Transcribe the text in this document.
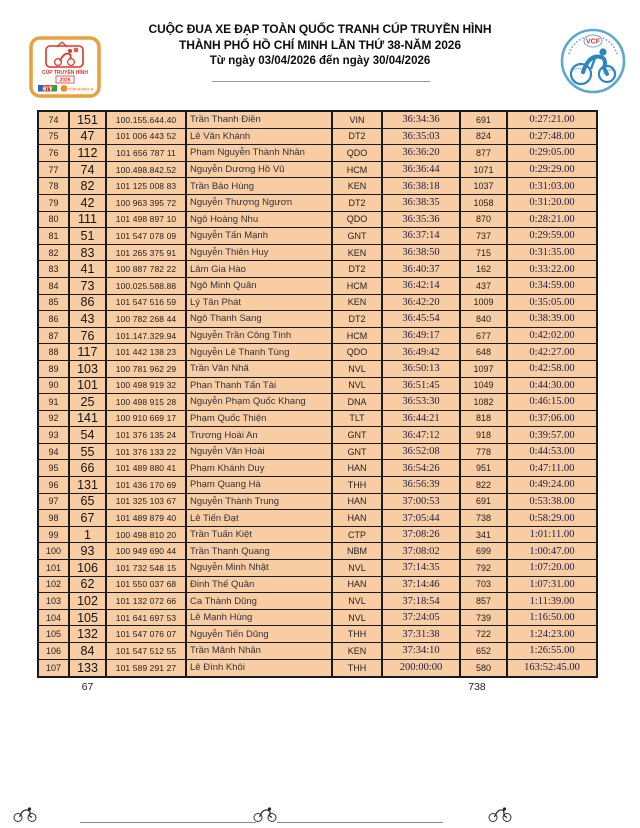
CÚP TRUYỀN HÌNH
2026
HTV	TÔN ĐÔNG Á
CUỘC ĐUA XE ĐẠP TOÀN QUỐC TRANH CÚP TRUYỀN HÌNH
THÀNH PHỐ HỒ CHÍ MINH LẦN THỨ 38-NĂM 2026
Từ ngày 03/04/2026 đến ngày 30/04/2026
VCF
74	151	100.155.644.40	Trần Thanh Điền	VIN	36:34:36	691	0:27:21.00
75	47	101 006 443 52	Lê Văn Khánh	DT2	36:35:03	824	0:27:48.00
76	112	101 656 787 11	Phạm Nguyễn Thành Nhân	QDO	36:36:20	877	0:29:05.00
77	74	100.498.842.52	Nguyễn Dương Hồ Vũ	HCM	36:36:44	1071	0:29:29.00
78	82	101 125 008 83	Trần Bảo Hùng	KEN	36:38:18	1037	0:31:03.00
79	42	100 963 395 72	Nguyễn Thượng Ngươn	DT2	36:38:35	1058	0:31:20.00
80	111	101 498 897 10	Ngô Hoàng Nhu	QDO	36:35:36	870	0:28:21.00
81	51	101 547 078 09	Nguyễn Tấn Mạnh	GNT	36:37:14	737	0:29:59.00
82	83	101 265 375 91	Nguyễn Thiên Huy	KEN	36:38:50	715	0:31:35.00
83	41	100 887 782 22	Lâm Gia Hào	DT2	36:40:37	162	0:33:22.00
84	73	100.025.588.88	Ngô Minh Quân	HCM	36:42:14	437	0:34:59.00
85	86	101 547 516 59	Lý Tân Phát	KEN	36:42:20	1009	0:35:05.00
86	43	100 782 268 44	Ngô Thanh Sang	DT2	36:45:54	840	0:38:39.00
87	76	101.147.329.94	Nguyễn Trần Công Tính	HCM	36:49:17	677	0:42:02.00
88	117	101 442 138 23	Nguyễn Lê Thanh Tùng	QDO	36:49:42	648	0:42:27.00
89	103	100 781 962 29	Trần Văn Nhã	NVL	36:50:13	1097	0:42:58.00
90	101	100 498 919 32	Phan Thanh Tấn Tài	NVL	36:51:45	1049	0:44:30.00
91	25	100 498 915 28	Nguyễn Phạm Quốc Khang	DNA	36:53:30	1082	0:46:15.00
92	141	100 910 669 17	Phạm Quốc Thiện	TLT	36:44:21	818	0:37:06.00
93	54	101 376 135 24	Trương Hoài An	GNT	36:47:12	918	0:39:57.00
94	55	101 376 133 22	Nguyễn Văn Hoài	GNT	36:52:08	778	0:44:53.00
95	66	101 489 880 41	Phạm Khánh Duy	HAN	36:54:26	951	0:47:11.00
96	131	101 436 170 69	Phạm Quang Hà	THH	36:56:39	822	0:49:24.00
97	65	101 325 103 67	Nguyễn Thành Trung	HAN	37:00:53	691	0:53:38.00
98	67	101 489 879 40	Lê Tiến Đạt	HAN	37:05:44	738	0:58:29.00
99	1	100 498 810 20	Trần Tuấn Kiệt	CTP	37:08:26	341	1:01:11.00
100	93	100 949 690 44	Trần Thanh Quang	NBM	37:08:02	699	1:00:47.00
101	106	101 732 548 15	Nguyễn Minh Nhật	NVL	37:14:35	792	1:07:20.00
102	62	101 550 037 68	Đinh Thế Quân	HAN	37:14:46	703	1:07:31.00
103	102	101 132 072 66	Ca Thành Dũng	NVL	37:18:54	857	1:11:39.00
104	105	101 641 697 53	Lê Mạnh Hùng	NVL	37:24:05	739	1:16:50.00
105	132	101 547 076 07	Nguyễn Tiến Dũng	THH	37:31:38	722	1:24:23.00
106	84	101 547 512 55	Trần Mãnh Nhân	KEN	37:34:10	652	1:26:55.00
107	133	101 589 291 27	Lê Đình Khôi	THH	200:00:00	580	163:52:45.00
67	738
